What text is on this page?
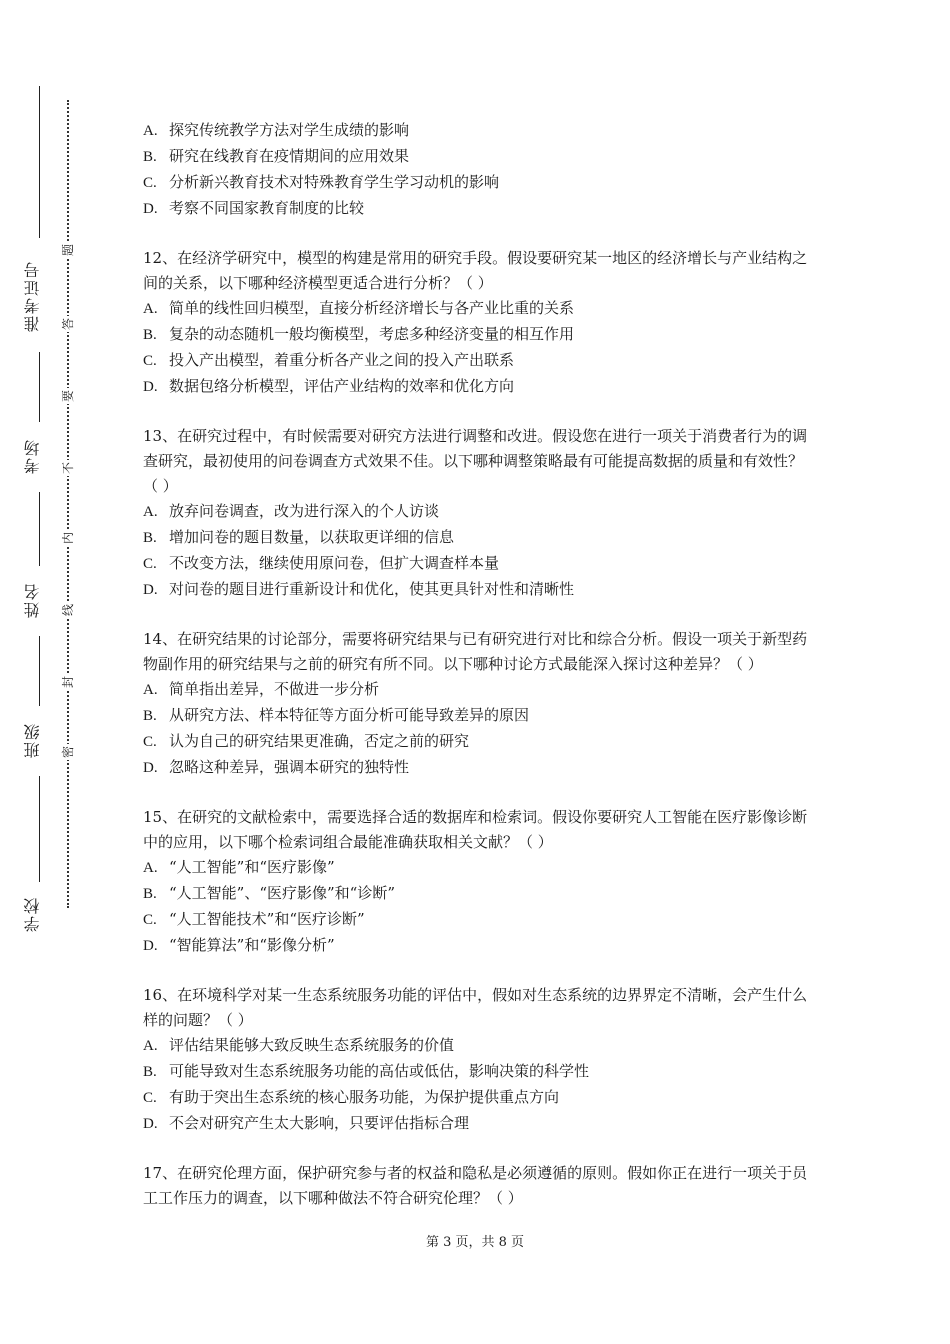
准考证号
考场
姓名
班级
学校
题
答
要
不
内
线
封
密

A. 探究传统教学方法对学生成绩的影响

B. 研究在线教育在疫情期间的应用效果

C. 分析新兴教育技术对特殊教育学生学习动机的影响

D. 考察不同国家教育制度的比较

12、在经济学研究中，模型的构建是常用的研究手段。假设要研究某一地区的经济增长与产业结构之间的关系，以下哪种经济模型更适合进行分析？（ ）

A. 简单的线性回归模型，直接分析经济增长与各产业比重的关系

B. 复杂的动态随机一般均衡模型，考虑多种经济变量的相互作用

C. 投入产出模型，着重分析各产业之间的投入产出联系

D. 数据包络分析模型，评估产业结构的效率和优化方向

13、在研究过程中，有时候需要对研究方法进行调整和改进。假设您在进行一项关于消费者行为的调查研究，最初使用的问卷调查方式效果不佳。以下哪种调整策略最有可能提高数据的质量和有效性？（ ）

A. 放弃问卷调查，改为进行深入的个人访谈

B. 增加问卷的题目数量，以获取更详细的信息

C. 不改变方法，继续使用原问卷，但扩大调查样本量

D. 对问卷的题目进行重新设计和优化，使其更具针对性和清晰性

14、在研究结果的讨论部分，需要将研究结果与已有研究进行对比和综合分析。假设一项关于新型药物副作用的研究结果与之前的研究有所不同。以下哪种讨论方式最能深入探讨这种差异？（ ）

A. 简单指出差异，不做进一步分析

B. 从研究方法、样本特征等方面分析可能导致差异的原因

C. 认为自己的研究结果更准确，否定之前的研究

D. 忽略这种差异，强调本研究的独特性

15、在研究的文献检索中，需要选择合适的数据库和检索词。假设你要研究人工智能在医疗影像诊断中的应用，以下哪个检索词组合最能准确获取相关文献？（ ）

A. “人工智能”和“医疗影像”

B. “人工智能”、“医疗影像”和“诊断”

C. “人工智能技术”和“医疗诊断”

D. “智能算法”和“影像分析”

16、在环境科学对某一生态系统服务功能的评估中，假如对生态系统的边界界定不清晰，会产生什么样的问题？（ ）

A. 评估结果能够大致反映生态系统服务的价值

B. 可能导致对生态系统服务功能的高估或低估，影响决策的科学性

C. 有助于突出生态系统的核心服务功能，为保护提供重点方向

D. 不会对研究产生太大影响，只要评估指标合理

17、在研究伦理方面，保护研究参与者的权益和隐私是必须遵循的原则。假如你正在进行一项关于员工工作压力的调查，以下哪种做法不符合研究伦理？（ ）

第 3 页，共 8 页
